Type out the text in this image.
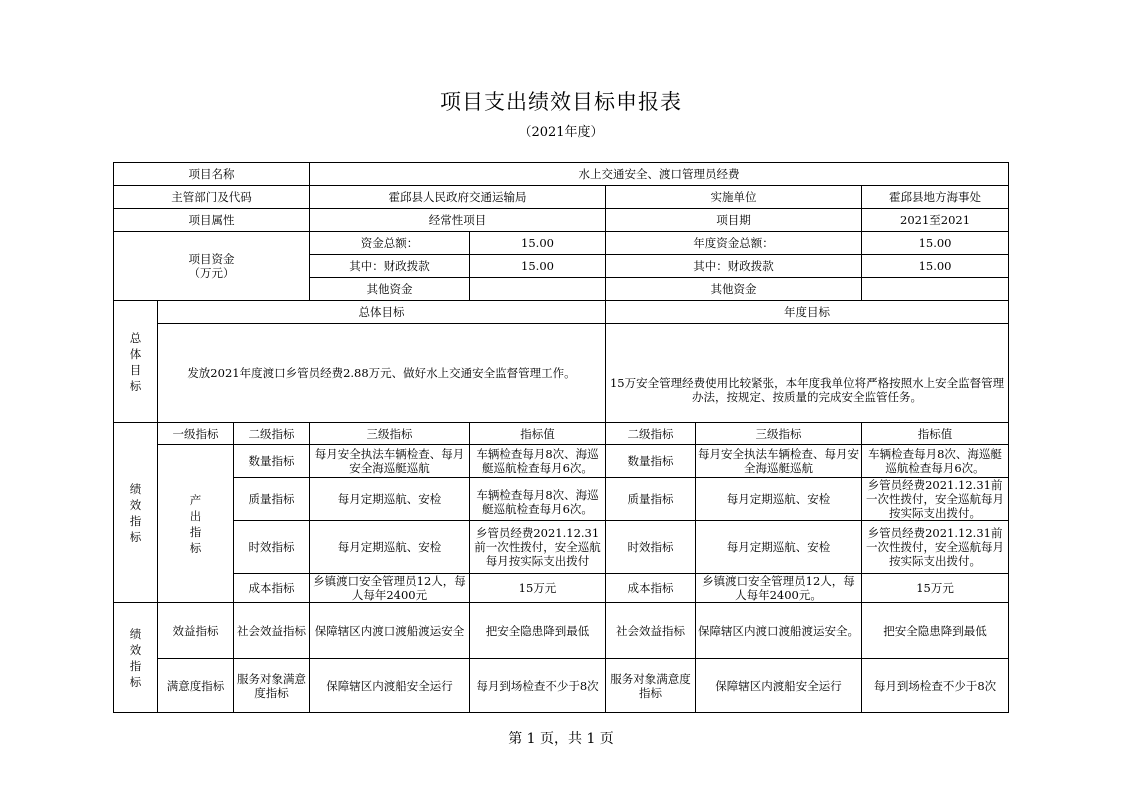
项目支出绩效目标申报表
（2021年度）
项目名称			水上交通安全、渡口管理员经费				
主管部门及代码			霍邱县人民政府交通运输局		实施单位		霍邱县地方海事处
项目属性			经常性项目		项目期		2021至2021

项目资金
（万元）			资金总额：	15.00	年度资金总额：		15.00
			其中：财政拨款	15.00	其中：财政拨款		15.00
			其他资金		其他资金		

总体目标	总体目标				年度目标		
	发放2021年度渡口乡管员经费2.88万元、做好水上交通安全监督管理工作。				15万安全管理经费使用比较紧张，本年度我单位将严格按照水上安全监督管理办法，按规定、按质量的完成安全监管任务。		

绩效指标	一级指标	二级指标	三级指标	指标值	二级指标	三级指标	指标值

	产出指标	数量指标	每月安全执法车辆检查、每月安全海巡艇巡航	车辆检查每月8次、海巡艇巡航检查每月6次。	数量指标	每月安全执法车辆检查、每月安全海巡艇巡航	车辆检查每月8次、海巡艇巡航检查每月6次。
		质量指标	每月定期巡航、安检	车辆检查每月8次、海巡艇巡航检查每月6次。	质量指标	每月定期巡航、安检	乡管员经费2021.12.31前一次性拨付，安全巡航每月按实际支出拨付。
		时效指标	每月定期巡航、安检	乡管员经费2021.12.31前一次性拨付，安全巡航每月按实际支出拨付	时效指标	每月定期巡航、安检	乡管员经费2021.12.31前一次性拨付，安全巡航每月按实际支出拨付。
		成本指标	乡镇渡口安全管理员12人，每人每年2400元	15万元	成本指标	乡镇渡口安全管理员12人，每人每年2400元。	15万元

绩效指标	效益指标	社会效益指标	保障辖区内渡口渡船渡运安全	把安全隐患降到最低	社会效益指标	保障辖区内渡口渡船渡运安全。	把安全隐患降到最低
	满意度指标	服务对象满意度指标	保障辖区内渡船安全运行	每月到场检查不少于8次	服务对象满意度指标	保障辖区内渡船安全运行	每月到场检查不少于8次
第 1 页，共 1 页
